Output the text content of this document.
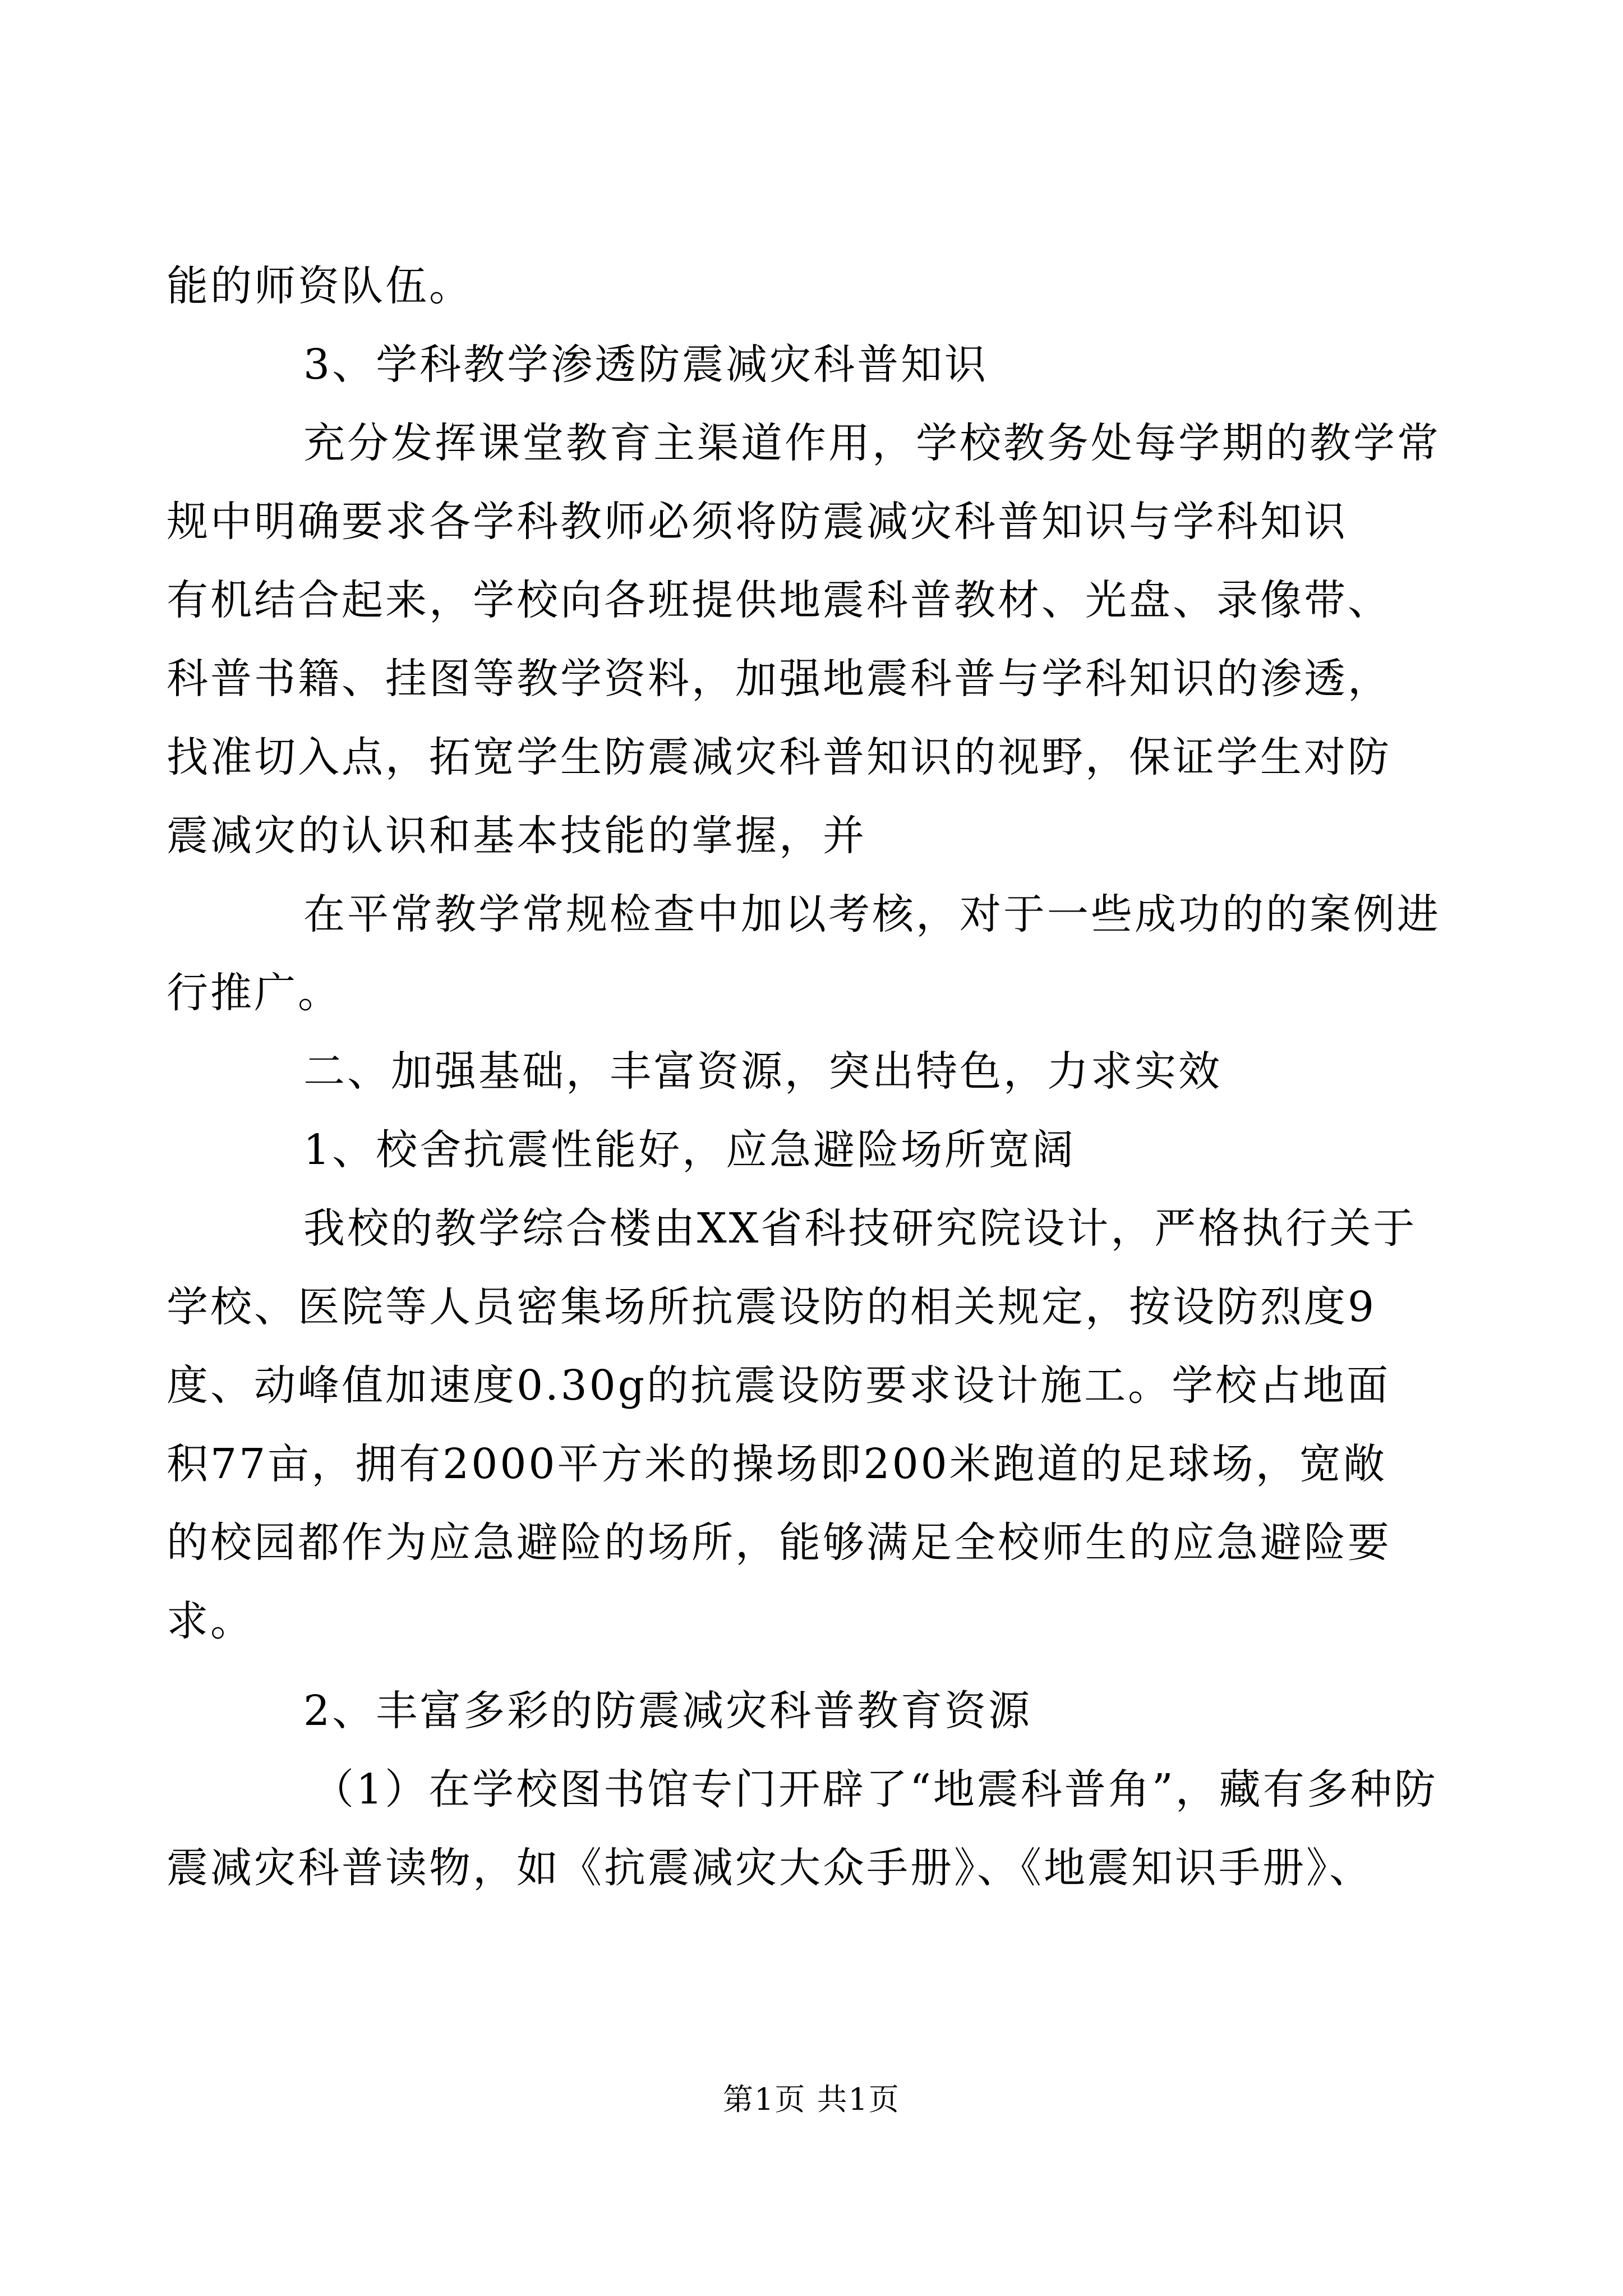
能的师资队伍。
3、学科教学渗透防震减灾科普知识
充分发挥课堂教育主渠道作用，学校教务处每学期的教学常
规中明确要求各学科教师必须将防震减灾科普知识与学科知识
有机结合起来，学校向各班提供地震科普教材、光盘、录像带、
科普书籍、挂图等教学资料，加强地震科普与学科知识的渗透，
找准切入点，拓宽学生防震减灾科普知识的视野，保证学生对防
震减灾的认识和基本技能的掌握，并
在平常教学常规检查中加以考核，对于一些成功的的案例进
行推广。
二、加强基础，丰富资源，突出特色，力求实效
1、校舍抗震性能好，应急避险场所宽阔
我校的教学综合楼由XX省科技研究院设计，严格执行关于
学校、医院等人员密集场所抗震设防的相关规定，按设防烈度9
度、动峰值加速度0.30g的抗震设防要求设计施工。学校占地面
积77亩，拥有2000平方米的操场即200米跑道的足球场，宽敞
的校园都作为应急避险的场所，能够满足全校师生的应急避险要
求。
2、丰富多彩的防震减灾科普教育资源
（1）在学校图书馆专门开辟了“地震科普角”，藏有多种防
震减灾科普读物，如《抗震减灾大众手册》、《地震知识手册》、
第1页 共1页
